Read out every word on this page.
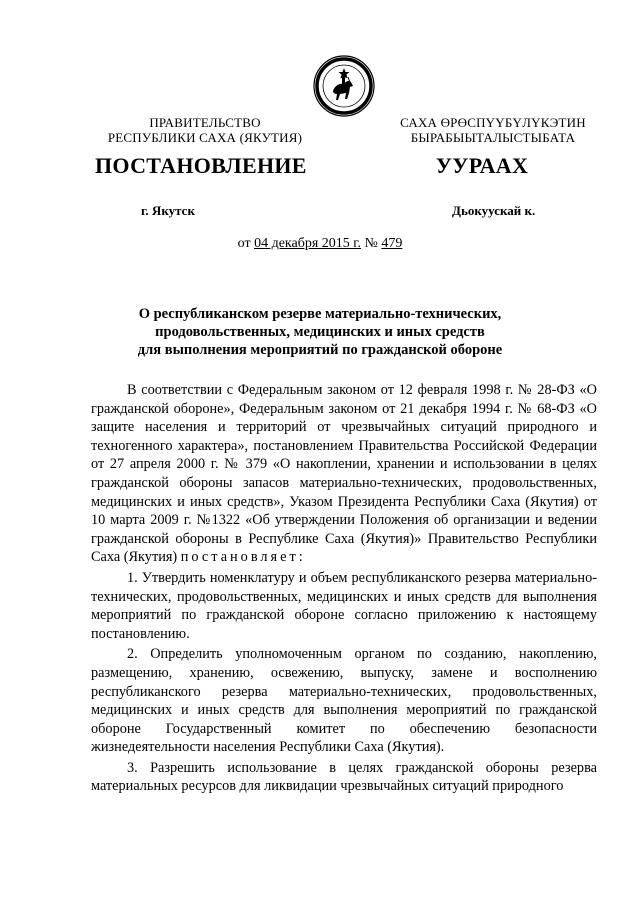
ПРАВИТЕЛЬСТВО
РЕСПУБЛИКИ САХА (ЯКУТИЯ)
САХА ӨРӨСПҮҮБҮЛҮКЭТИН
БЫРАБЫЫТАЛЫСТЫБАТА
ПОСТАНОВЛЕНИЕ	УУРААХ
г. Якутск	Дьокуускай к.
от 04 декабря 2015 г. № 479
О республиканском резерве материально-технических,
продовольственных, медицинских и иных средств
для выполнения мероприятий по гражданской обороне

В соответствии с Федеральным законом от 12 февраля 1998 г. № 28-ФЗ «О гражданской обороне», Федеральным законом от 21 декабря 1994 г. № 68-ФЗ «О защите населения и территорий от чрезвычайных ситуаций природного и техногенного характера», постановлением Правительства Российской Федерации от 27 апреля 2000 г. № 379 «О накоплении, хранении и использовании в целях гражданской обороны запасов материально-технических, продовольственных, медицинских и иных средств», Указом Президента Республики Саха (Якутия) от 10 марта 2009 г. №1322 «Об утверждении Положения об организации и ведении гражданской обороны в Республике Саха (Якутия)» Правительство Республики Саха (Якутия) постановляет:

1. Утвердить номенклатуру и объем республиканского резерва материально-технических, продовольственных, медицинских и иных средств для выполнения мероприятий по гражданской обороне согласно приложению к настоящему постановлению.

2. Определить уполномоченным органом по созданию, накоплению, размещению, хранению, освежению, выпуску, замене и восполнению республиканского резерва материально-технических, продовольственных, медицинских и иных средств для выполнения мероприятий по гражданской обороне Государственный комитет по обеспечению безопасности жизнедеятельности населения Республики Саха (Якутия).

3. Разрешить использование в целях гражданской обороны резерва материальных ресурсов для ликвидации чрезвычайных ситуаций природного
